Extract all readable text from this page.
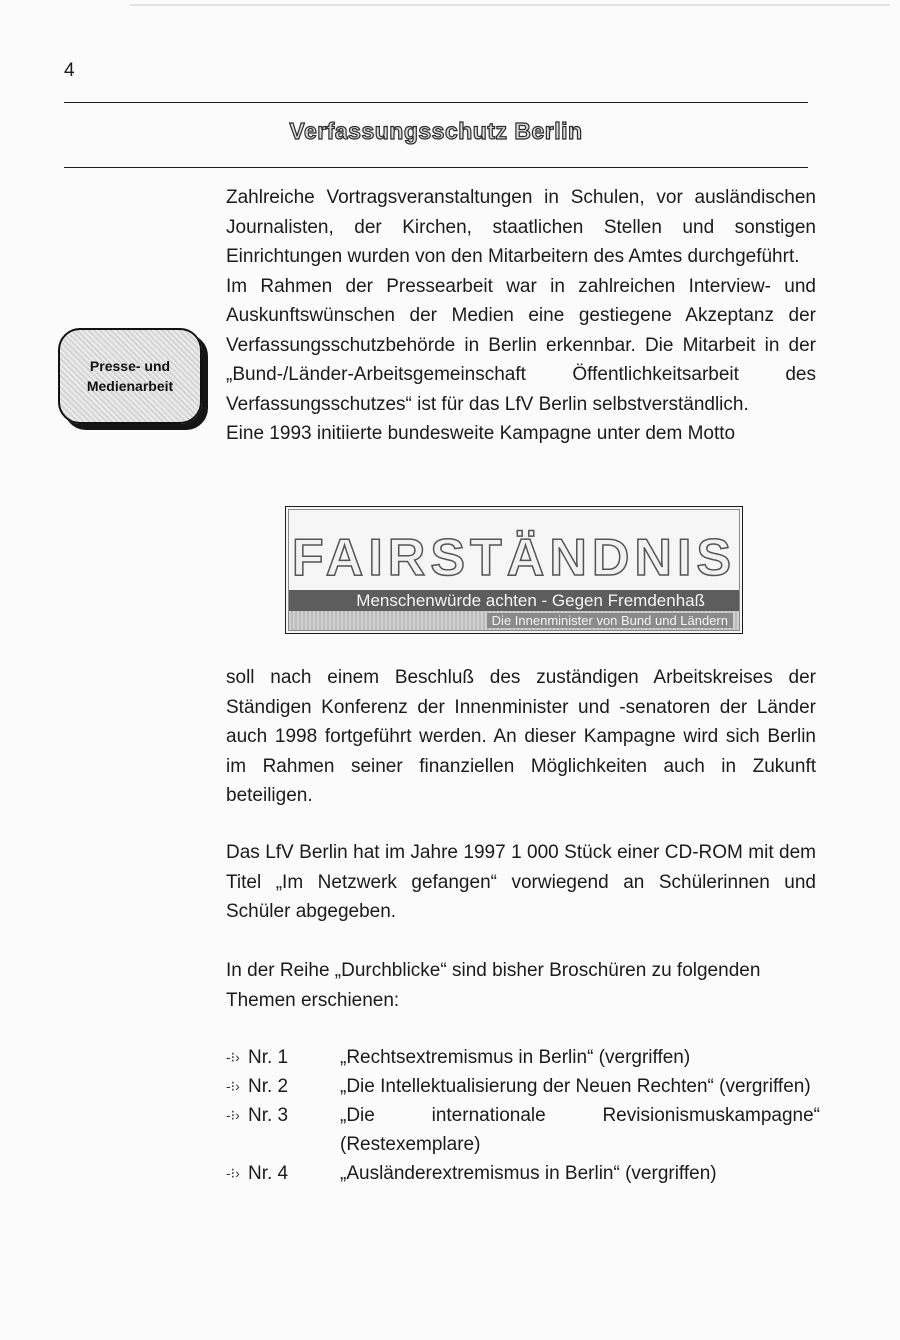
4
Verfassungsschutz Berlin
Presse- und
Medienarbeit

Zahlreiche Vortragsveranstaltungen in Schulen, vor ausländischen Journalisten, der Kirchen, staatlichen Stellen und sonstigen Einrichtungen wurden von den Mitarbeitern des Amtes durchgeführt.

Im Rahmen der Pressearbeit war in zahlreichen Interview- und Auskunftswünschen der Medien eine gestiegene Akzeptanz der Verfassungsschutzbehörde in Berlin erkennbar. Die Mitarbeit in der „Bund-/Länder-Arbeitsgemeinschaft Öffentlichkeitsarbeit des Verfassungsschutzes“ ist für das LfV Berlin selbstverständlich.

Eine 1993 initiierte bundesweite Kampagne unter dem Motto

FAIRSTÄNDNIS
Menschenwürde achten - Gegen Fremdenhaß
Die Innenminister von Bund und Ländern

soll nach einem Beschluß des zuständigen Arbeitskreises der Ständigen Konferenz der Innenminister und -senatoren der Länder auch 1998 fortgeführt werden. An dieser Kampagne wird sich Berlin im Rahmen seiner finanziellen Möglichkeiten auch in Zukunft beteiligen.

Das LfV Berlin hat im Jahre 1997 1 000 Stück einer CD-ROM mit dem Titel „Im Netzwerk gefangen“ vorwiegend an Schülerinnen und Schüler abgegeben.

In der Reihe „Durchblicke“ sind bisher Broschüren zu folgenden Themen erschienen:

-⁝› Nr. 1	„Rechtsextremismus in Berlin“ (vergriffen)
-⁝› Nr. 2	„Die Intellektualisierung der Neuen Rechten“ (vergriffen)
-⁝› Nr. 3	„Die internationale Revisionismuskampagne“ (Restexemplare)
-⁝› Nr. 4	„Ausländerextremismus in Berlin“ (vergriffen)
